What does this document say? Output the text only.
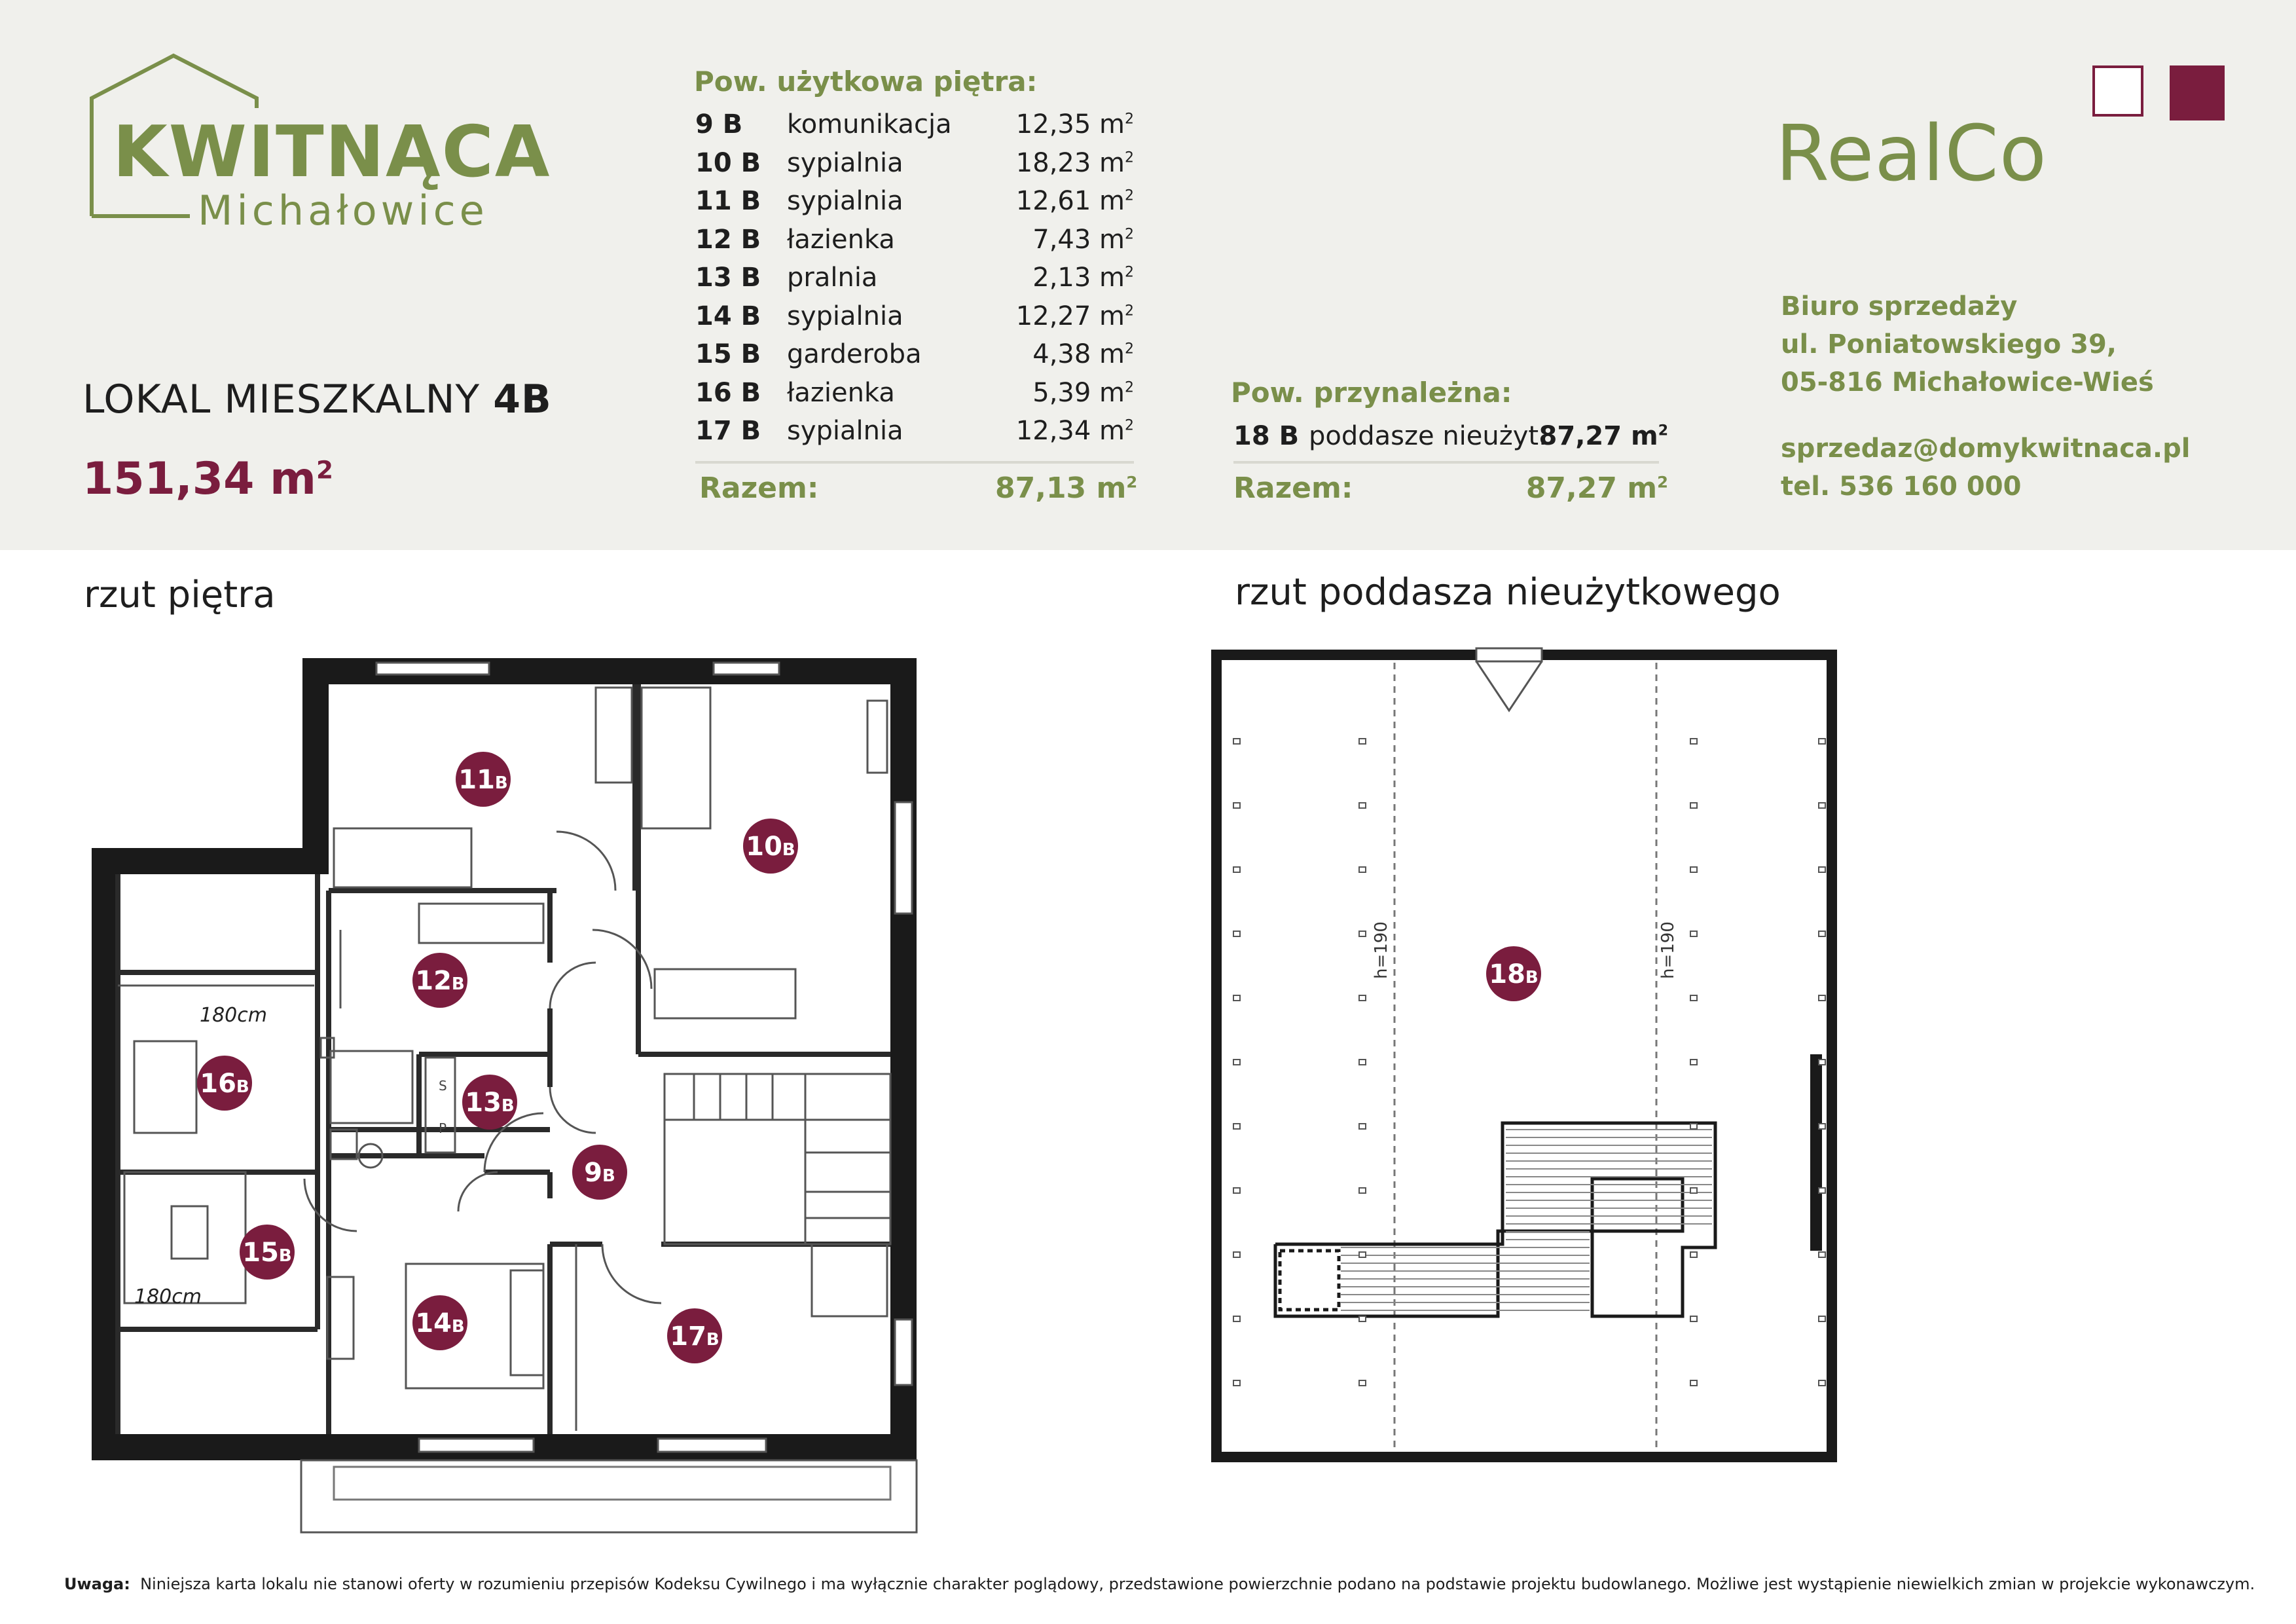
KWITNĄCA
Michałowice
LOKAL MIESZKALNY 4B
151,34 $m^2$
Pow. użytkowa piętra:
9 B komunikacja 12,35 $m^2$
10 B sypialnia	18,23 $m^2$
11 B sypialnia	12,61 $m^2$
12 B łazienka	7,43 $m^2$
13 B pralnia	2,13 $m^2$
14 B sypialnia	12,27 $m^2$
15 B garderoba	4,38 $m^2$
16 B łazienka	5,39 $m^2$
17 B sypialnia	12,34 $m^2$
Razem:	87,13 $m^2$
Pow. przynależna:
18 B poddasze nieużyt.
87,27 $m^2$
Razem:	87,27 $m^2$
RealCo
Biuro sprzedaży
ul. Poniatowskiego 39,
05-816 Michałowice-Wieś
sprzedaz@domykwitnaca.pl
tel. 536 160 000
rzut piętra	rzut poddasza nieużytkowego
180cm
180cm
S
P
11B
10B
12B
16B
13B
9B
15B
14B	17B
h=190	h=190
18B
Uwaga: Niniejsza karta lokalu nie stanowi oferty w rozumieniu przepisów Kodeksu Cywilnego i ma wyłącznie charakter poglądowy, przedstawione powierzchnie podano na podstawie projektu budowlanego. Możliwe jest wystąpienie niewielkich zmian w projekcie wykonawczym.
